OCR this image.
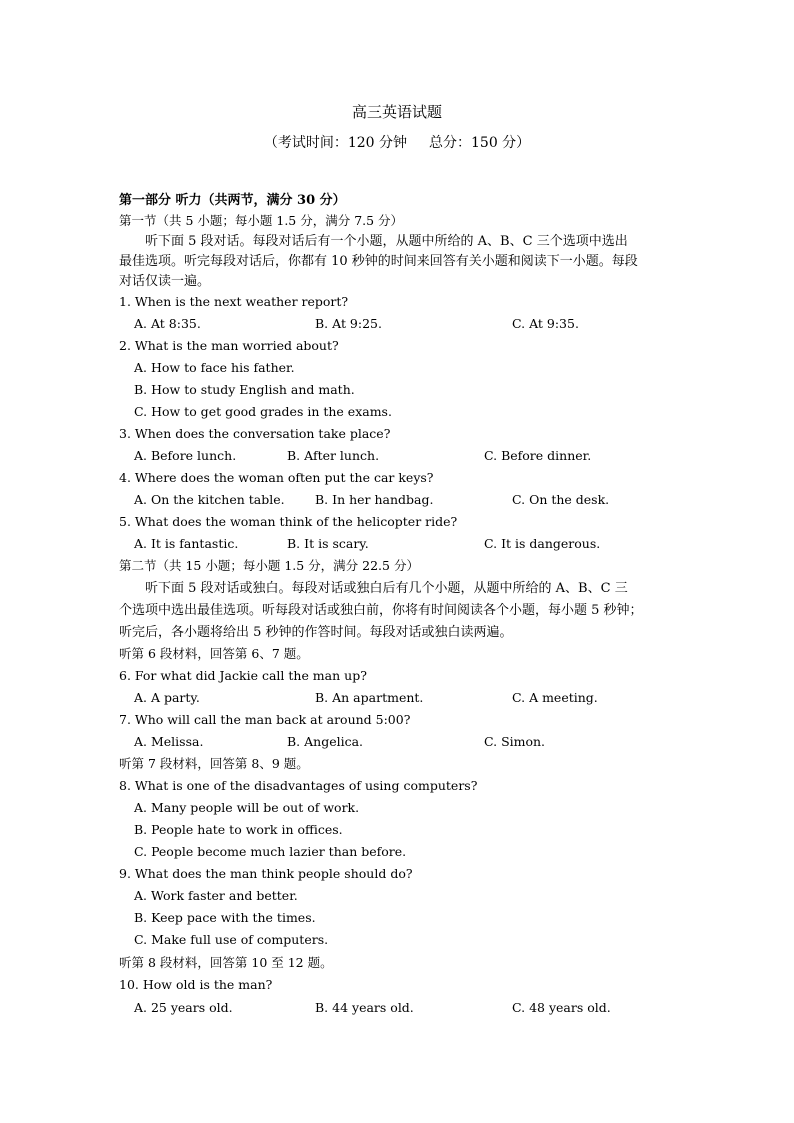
高三英语试题
（考试时间：120 分钟 总分：150 分）
第一部分 听力（共两节，满分 30 分）
第一节（共 5 小题；每小题 1.5 分，满分 7.5 分）
听下面 5 段对话。每段对话后有一个小题，从题中所给的 A、B、C 三个选项中选出
最佳选项。听完每段对话后，你都有 10 秒钟的时间来回答有关小题和阅读下一小题。每段
对话仅读一遍。
1. When is the next weather report?
A. At 8:35.	B. At 9:25.	C. At 9:35.
2. What is the man worried about?
A. How to face his father.
B. How to study English and math.
C. How to get good grades in the exams.
3. When does the conversation take place?
A. Before lunch.	B. After lunch.	C. Before dinner.
4. Where does the woman often put the car keys?
A. On the kitchen table. B. In her handbag.	C. On the desk.
5. What does the woman think of the helicopter ride?
A. It is fantastic.	B. It is scary.	C. It is dangerous.
第二节（共 15 小题；每小题 1.5 分，满分 22.5 分）
听下面 5 段对话或独白。每段对话或独白后有几个小题，从题中所给的 A、B、C 三
个选项中选出最佳选项。听每段对话或独白前，你将有时间阅读各个小题，每小题 5 秒钟；
听完后，各小题将给出 5 秒钟的作答时间。每段对话或独白读两遍。
听第 6 段材料，回答第 6、7 题。
6. For what did Jackie call the man up?
A. A party.	B. An apartment.	C. A meeting.
7. Who will call the man back at around 5:00?
A. Melissa.	B. Angelica.	C. Simon.
听第 7 段材料，回答第 8、9 题。
8. What is one of the disadvantages of using computers?
A. Many people will be out of work.
B. People hate to work in offices.
C. People become much lazier than before.
9. What does the man think people should do?
A. Work faster and better.
B. Keep pace with the times.
C. Make full use of computers.
听第 8 段材料，回答第 10 至 12 题。
10. How old is the man?
A. 25 years old.	B. 44 years old.	C. 48 years old.
